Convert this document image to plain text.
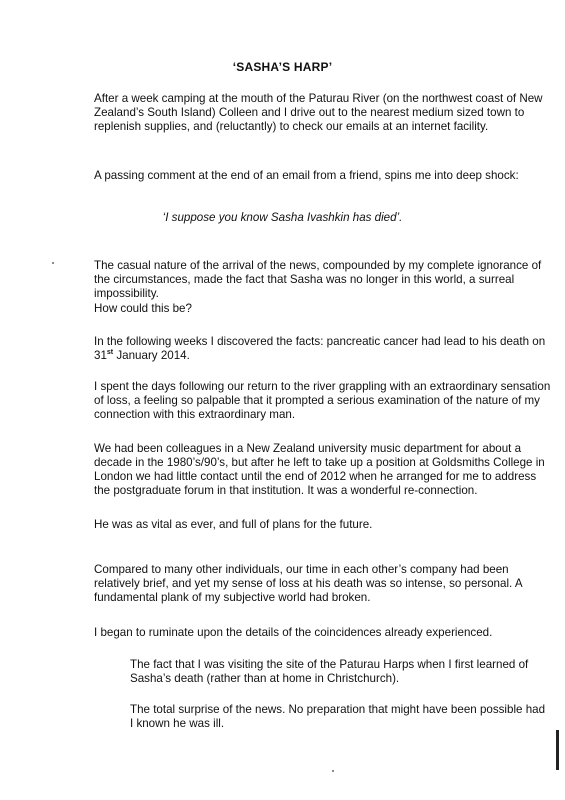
‘SASHA’S HARP’

After a week camping at the mouth of the Paturau River (on the northwest coast of New Zealand’s South Island) Colleen and I drive out to the nearest medium sized town to replenish supplies, and (reluctantly) to check our emails at an internet facility.

A passing comment at the end of an email from a friend, spins me into deep shock:

‘I suppose you know Sasha Ivashkin has died’.

The casual nature of the arrival of the news, compounded by my complete ignorance of the circumstances, made the fact that Sasha was no longer in this world, a surreal impossibility.

How could this be?

In the following weeks I discovered the facts: pancreatic cancer had lead to his death on 31st January 2014.

I spent the days following our return to the river grappling with an extraordinary sensation of loss, a feeling so palpable that it prompted a serious examination of the nature of my connection with this extraordinary man.

We had been colleagues in a New Zealand university music department for about a decade in the 1980’s/90’s, but after he left to take up a position at Goldsmiths College in London we had little contact until the end of 2012 when he arranged for me to address the postgraduate forum in that institution. It was a wonderful re-connection.

He was as vital as ever, and full of plans for the future.

Compared to many other individuals, our time in each other’s company had been relatively brief, and yet my sense of loss at his death was so intense, so personal. A fundamental plank of my subjective world had broken.

I began to ruminate upon the details of the coincidences already experienced.

The fact that I was visiting the site of the Paturau Harps when I first learned of Sasha’s death (rather than at home in Christchurch).

The total surprise of the news. No preparation that might have been possible had I known he was ill.
